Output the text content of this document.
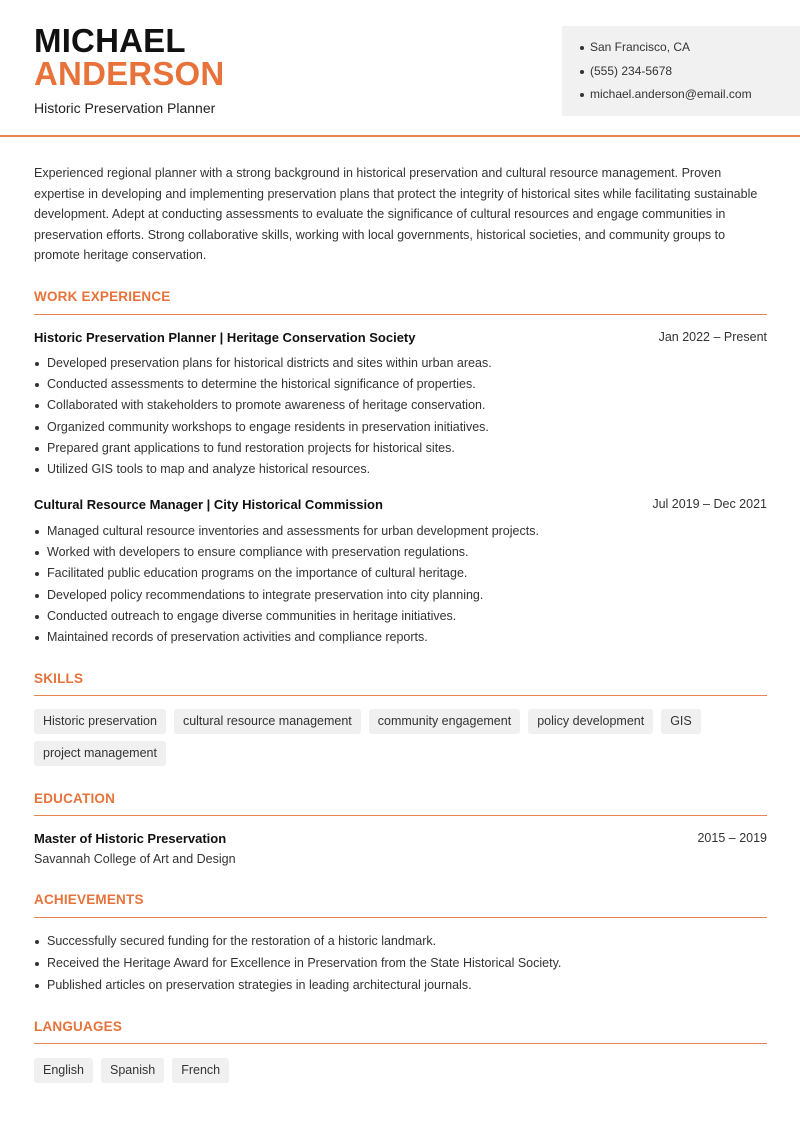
MICHAEL
ANDERSON
Historic Preservation Planner
San Francisco, CA
(555) 234-5678
michael.anderson@email.com

Experienced regional planner with a strong background in historical preservation and cultural resource management. Proven expertise in developing and implementing preservation plans that protect the integrity of historical sites while facilitating sustainable development. Adept at conducting assessments to evaluate the significance of cultural resources and engage communities in preservation efforts. Strong collaborative skills, working with local governments, historical societies, and community groups to promote heritage conservation.

WORK EXPERIENCE
Historic Preservation Planner | Heritage Conservation Society	Jan 2022 – Present
Developed preservation plans for historical districts and sites within urban areas.
Conducted assessments to determine the historical significance of properties.
Collaborated with stakeholders to promote awareness of heritage conservation.
Organized community workshops to engage residents in preservation initiatives.
Prepared grant applications to fund restoration projects for historical sites.
Utilized GIS tools to map and analyze historical resources.
Cultural Resource Manager | City Historical Commission	Jul 2019 – Dec 2021
Managed cultural resource inventories and assessments for urban development projects.
Worked with developers to ensure compliance with preservation regulations.
Facilitated public education programs on the importance of cultural heritage.
Developed policy recommendations to integrate preservation into city planning.
Conducted outreach to engage diverse communities in heritage initiatives.
Maintained records of preservation activities and compliance reports.
SKILLS
Historic preservation	cultural resource management	community engagement	policy development	GIS
project management
EDUCATION
Master of Historic Preservation	2015 – 2019
Savannah College of Art and Design
ACHIEVEMENTS
Successfully secured funding for the restoration of a historic landmark.
Received the Heritage Award for Excellence in Preservation from the State Historical Society.
Published articles on preservation strategies in leading architectural journals.
LANGUAGES
English	Spanish	French
